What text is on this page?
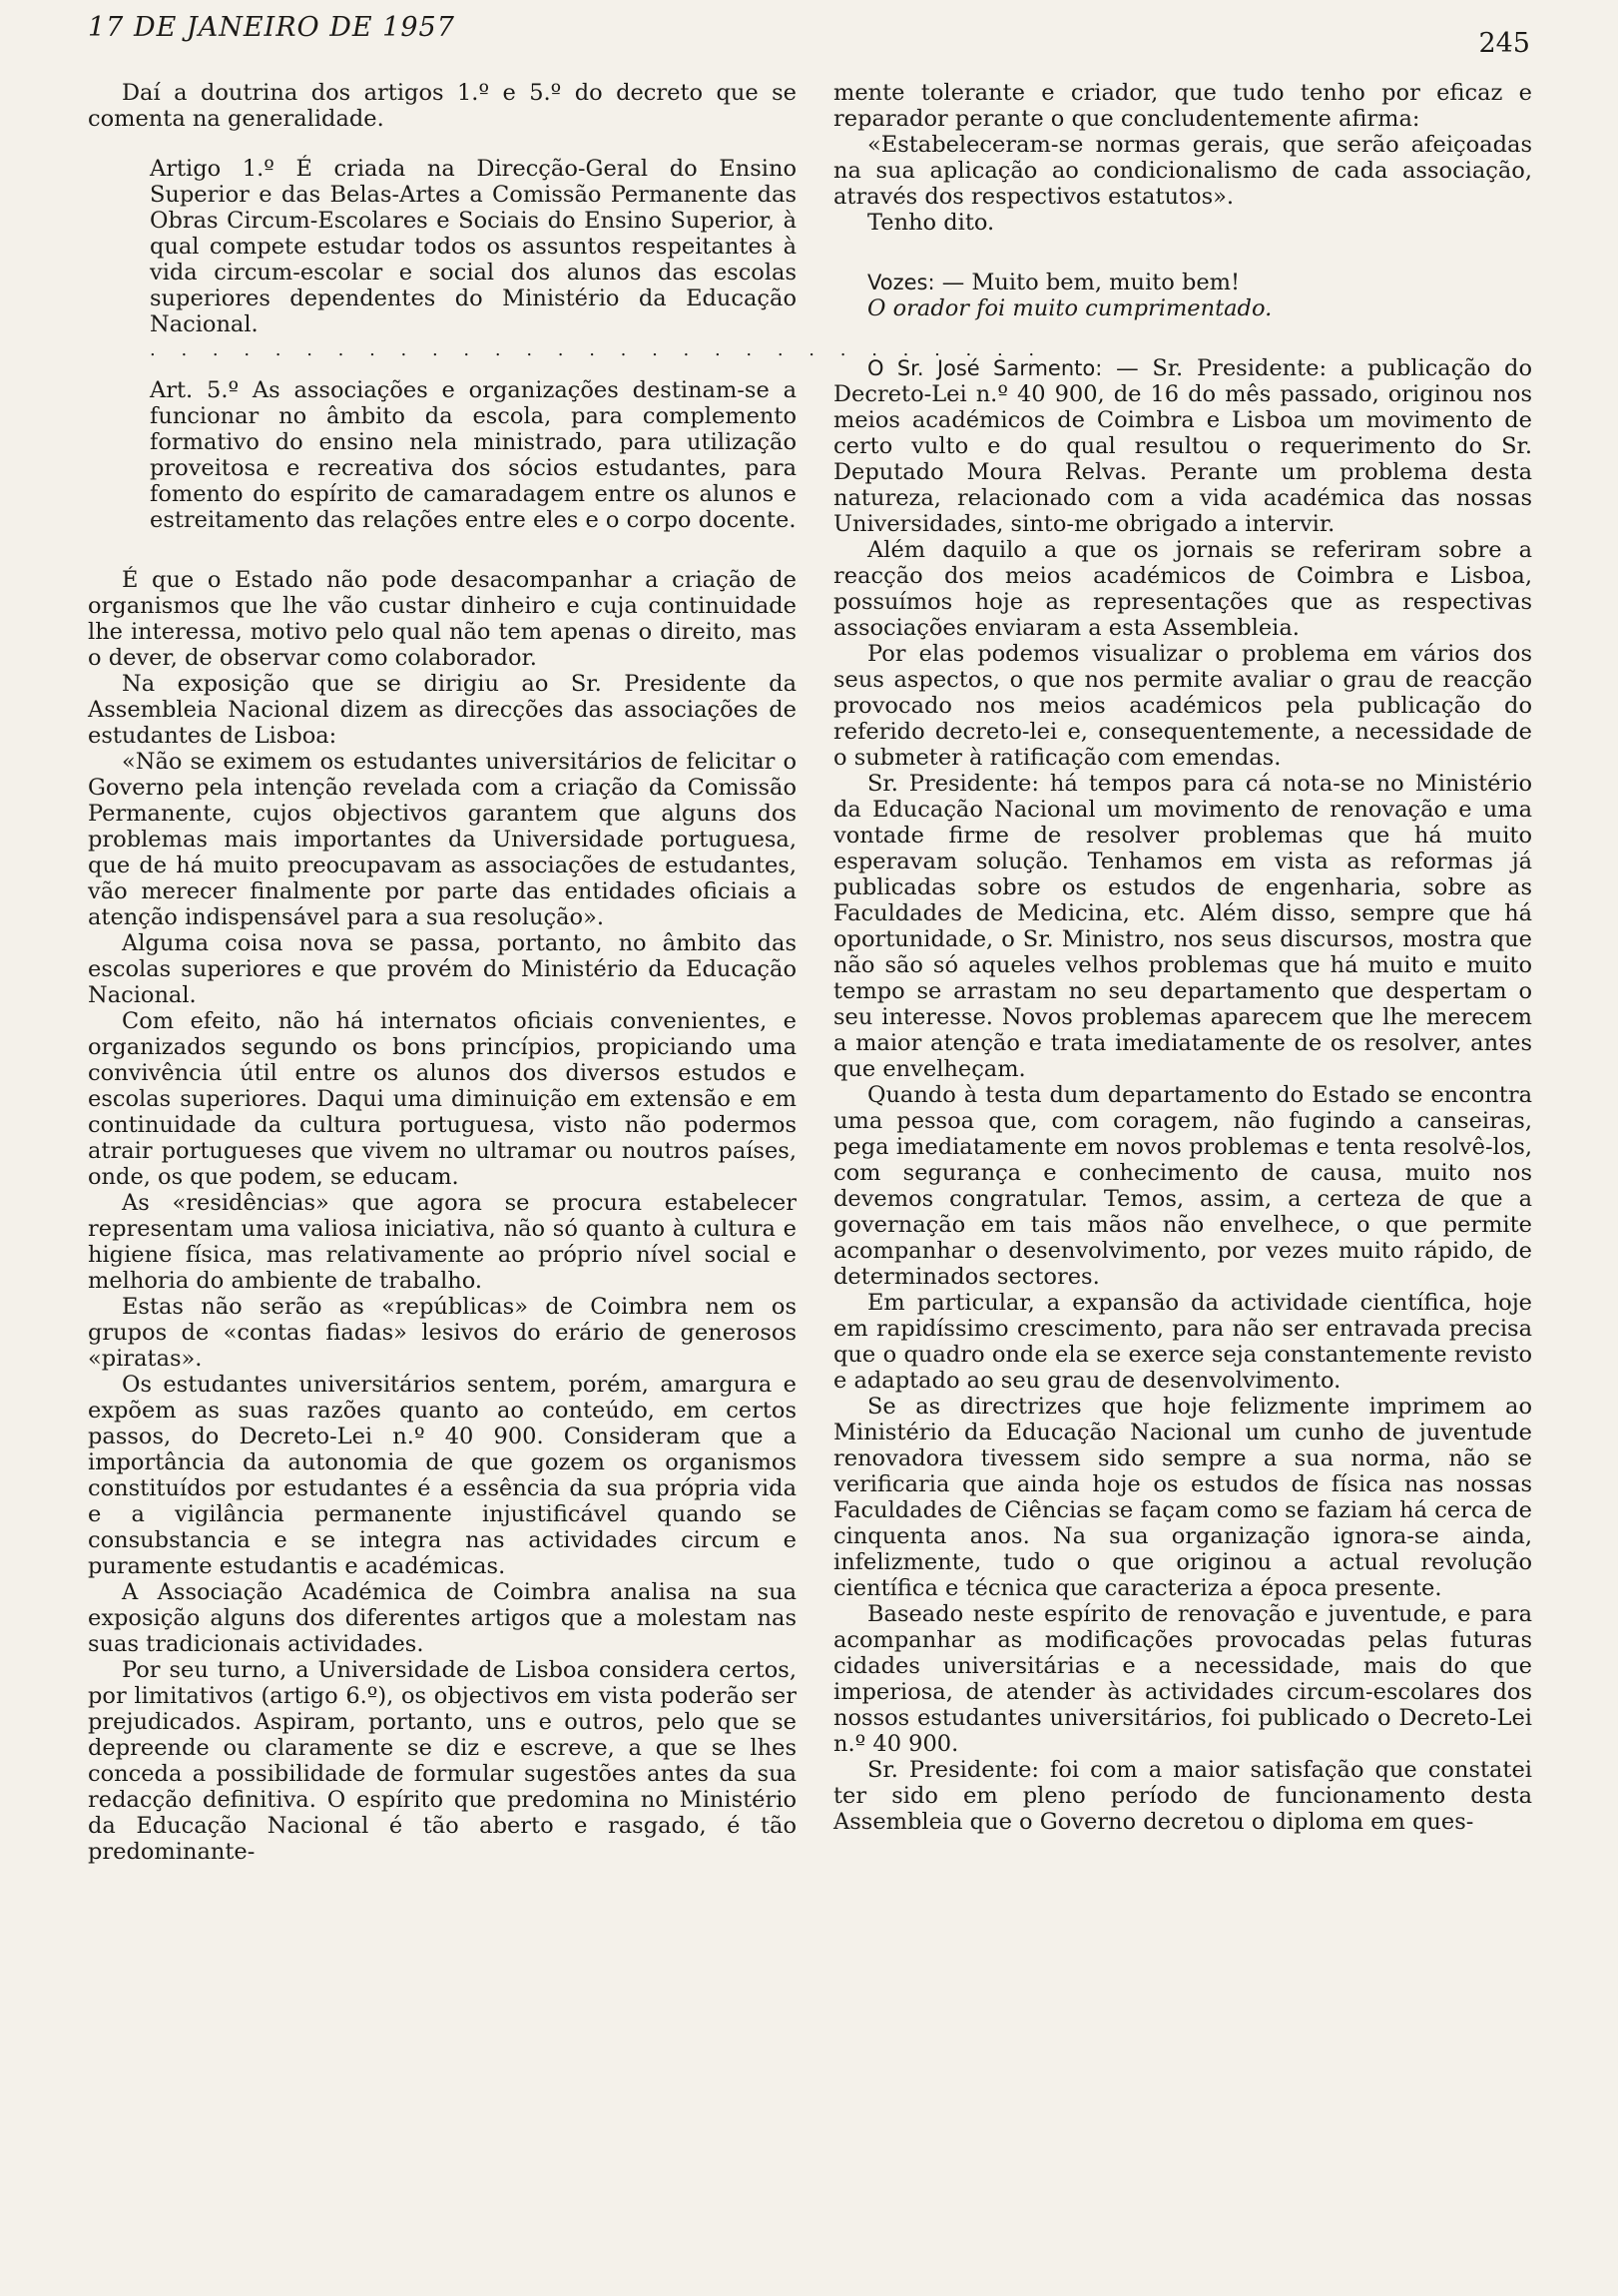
17 DE JANEIRO DE 1957
245

Daí a doutrina dos artigos 1.º e 5.º do decreto que se comenta na generalidade.

Artigo 1.º É criada na Direcção-Geral do Ensino Superior e das Belas-Artes a Comissão Permanente das Obras Circum-Escolares e Sociais do Ensino Superior, à qual compete estudar todos os assuntos respeitantes à vida circum-escolar e social dos alunos das escolas superiores dependentes do Ministério da Educação Nacional.

. . . . . . . . . . . . . . . . . . . . . . . . . . . . .

Art. 5.º As associações e organizações destinam-se a funcionar no âmbito da escola, para complemento formativo do ensino nela ministrado, para utilização proveitosa e recreativa dos sócios estudantes, para fomento do espírito de camaradagem entre os alunos e estreitamento das relações entre eles e o corpo docente.

É que o Estado não pode desacompanhar a criação de organismos que lhe vão custar dinheiro e cuja continuidade lhe interessa, motivo pelo qual não tem apenas o direito, mas o dever, de observar como colaborador.

Na exposição que se dirigiu ao Sr. Presidente da Assembleia Nacional dizem as direcções das associações de estudantes de Lisboa:

«Não se eximem os estudantes universitários de felicitar o Governo pela intenção revelada com a criação da Comissão Permanente, cujos objectivos garantem que alguns dos problemas mais importantes da Universidade portuguesa, que de há muito preocupavam as associações de estudantes, vão merecer finalmente por parte das entidades oficiais a atenção indispensável para a sua resolução».

Alguma coisa nova se passa, portanto, no âmbito das escolas superiores e que provém do Ministério da Educação Nacional.

Com efeito, não há internatos oficiais convenientes, e organizados segundo os bons princípios, propiciando uma convivência útil entre os alunos dos diversos estudos e escolas superiores. Daqui uma diminuição em extensão e em continuidade da cultura portuguesa, visto não podermos atrair portugueses que vivem no ultramar ou noutros países, onde, os que podem, se educam.

As «residências» que agora se procura estabelecer representam uma valiosa iniciativa, não só quanto à cultura e higiene física, mas relativamente ao próprio nível social e melhoria do ambiente de trabalho.

Estas não serão as «repúblicas» de Coimbra nem os grupos de «contas fiadas» lesivos do erário de generosos «piratas».

Os estudantes universitários sentem, porém, amargura e expõem as suas razões quanto ao conteúdo, em certos passos, do Decreto-Lei n.º 40 900. Consideram que a importância da autonomia de que gozem os organismos constituídos por estudantes é a essência da sua própria vida e a vigilância permanente injustificável quando se consubstancia e se integra nas actividades circum e puramente estudantis e académicas.

A Associação Académica de Coimbra analisa na sua exposição alguns dos diferentes artigos que a molestam nas suas tradicionais actividades.

Por seu turno, a Universidade de Lisboa considera certos, por limitativos (artigo 6.º), os objectivos em vista poderão ser prejudicados. Aspiram, portanto, uns e outros, pelo que se depreende ou claramente se diz e escreve, a que se lhes conceda a possibilidade de formular sugestões antes da sua redacção definitiva. O espírito que predomina no Ministério da Educação Nacional é tão aberto e rasgado, é tão predominante-

mente tolerante e criador, que tudo tenho por eficaz e reparador perante o que concludentemente afirma:

«Estabeleceram-se normas gerais, que serão afeiçoadas na sua aplicação ao condicionalismo de cada associação, através dos respectivos estatutos».

Tenho dito.

Vozes: — Muito bem, muito bem!

O orador foi muito cumprimentado.

O Sr. José Sarmento: — Sr. Presidente: a publicação do Decreto-Lei n.º 40 900, de 16 do mês passado, originou nos meios académicos de Coimbra e Lisboa um movimento de certo vulto e do qual resultou o requerimento do Sr. Deputado Moura Relvas. Perante um problema desta natureza, relacionado com a vida académica das nossas Universidades, sinto-me obrigado a intervir.

Além daquilo a que os jornais se referiram sobre a reacção dos meios académicos de Coimbra e Lisboa, possuímos hoje as representações que as respectivas associações enviaram a esta Assembleia.

Por elas podemos visualizar o problema em vários dos seus aspectos, o que nos permite avaliar o grau de reacção provocado nos meios académicos pela publicação do referido decreto-lei e, consequentemente, a necessidade de o submeter à ratificação com emendas.

Sr. Presidente: há tempos para cá nota-se no Ministério da Educação Nacional um movimento de renovação e uma vontade firme de resolver problemas que há muito esperavam solução. Tenhamos em vista as reformas já publicadas sobre os estudos de engenharia, sobre as Faculdades de Medicina, etc. Além disso, sempre que há oportunidade, o Sr. Ministro, nos seus discursos, mostra que não são só aqueles velhos problemas que há muito e muito tempo se arrastam no seu departamento que despertam o seu interesse. Novos problemas aparecem que lhe merecem a maior atenção e trata imediatamente de os resolver, antes que envelheçam.

Quando à testa dum departamento do Estado se encontra uma pessoa que, com coragem, não fugindo a canseiras, pega imediatamente em novos problemas e tenta resolvê-los, com segurança e conhecimento de causa, muito nos devemos congratular. Temos, assim, a certeza de que a governação em tais mãos não envelhece, o que permite acompanhar o desenvolvimento, por vezes muito rápido, de determinados sectores.

Em particular, a expansão da actividade científica, hoje em rapidíssimo crescimento, para não ser entravada precisa que o quadro onde ela se exerce seja constantemente revisto e adaptado ao seu grau de desenvolvimento.

Se as directrizes que hoje felizmente imprimem ao Ministério da Educação Nacional um cunho de juventude renovadora tivessem sido sempre a sua norma, não se verificaria que ainda hoje os estudos de física nas nossas Faculdades de Ciências se façam como se faziam há cerca de cinquenta anos. Na sua organização ignora-se ainda, infelizmente, tudo o que originou a actual revolução científica e técnica que caracteriza a época presente.

Baseado neste espírito de renovação e juventude, e para acompanhar as modificações provocadas pelas futuras cidades universitárias e a necessidade, mais do que imperiosa, de atender às actividades circum-escolares dos nossos estudantes universitários, foi publicado o Decreto-Lei n.º 40 900.

Sr. Presidente: foi com a maior satisfação que constatei ter sido em pleno período de funcionamento desta Assembleia que o Governo decretou o diploma em ques-
